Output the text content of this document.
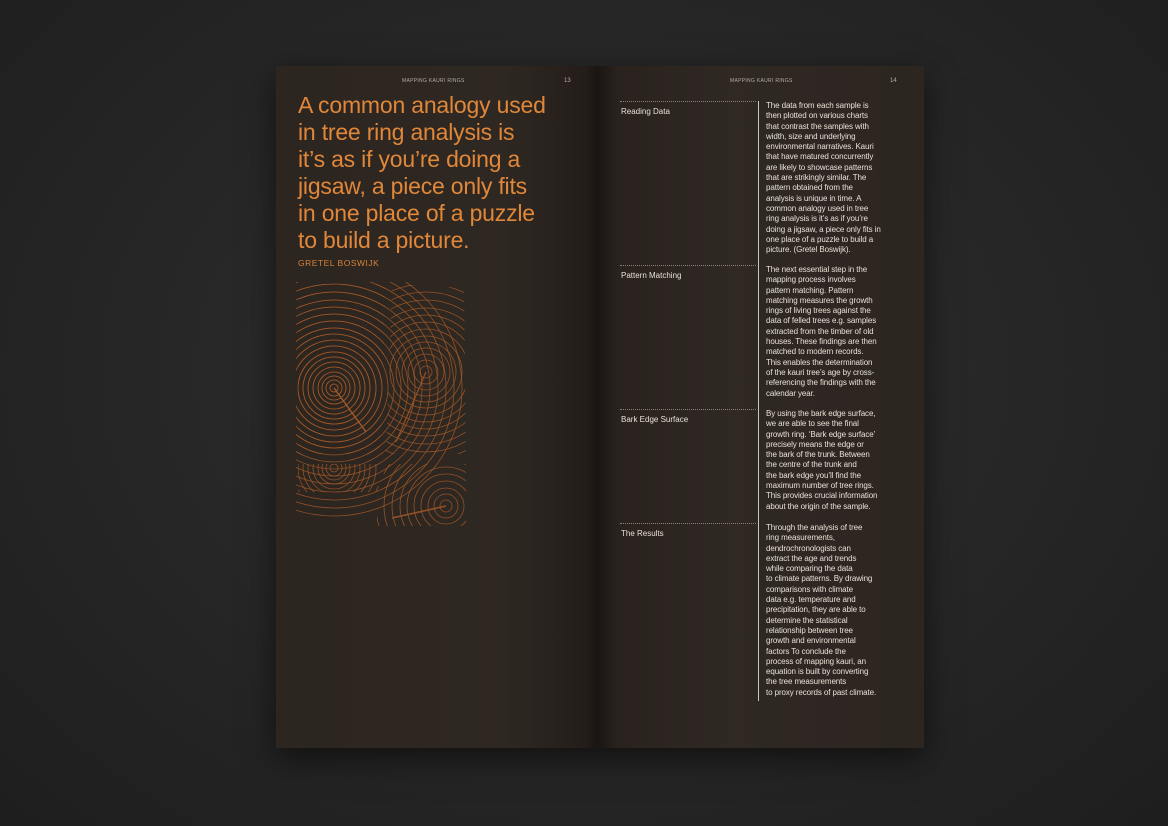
MAPPING KAURI RINGS	13
A common analogy used
in tree ring analysis is
it’s as if you’re doing a
jigsaw, a piece only fits
in one place of a puzzle
to build a picture.
GRETEL BOSWIJK
MAPPING KAURI RINGS	14
Reading Data

The data from each sample is
then plotted on various charts
that contrast the samples with
width, size and underlying
environmental narratives. Kauri
that have matured concurrently
are likely to showcase patterns
that are strikingly similar. The
pattern obtained from the
analysis is unique in time. A
common analogy used in tree
ring analysis is it’s as if you’re
doing a jigsaw, a piece only fits in
one place of a puzzle to build a
picture. (Gretel Boswijk).

Pattern Matching

The next essential step in the
mapping process involves
pattern matching. Pattern
matching measures the growth
rings of living trees against the
data of felled trees e.g. samples
extracted from the timber of old
houses. These findings are then
matched to modern records.
This enables the determination
of the kauri tree’s age by cross-
referencing the findings with the
calendar year.

Bark Edge Surface

By using the bark edge surface,
we are able to see the final
growth ring. ‘Bark edge surface’
precisely means the edge or
the bark of the trunk. Between
the centre of the trunk and
the bark edge you’ll find the
maximum number of tree rings.
This provides crucial information
about the origin of the sample.

The Results

Through the analysis of tree
ring measurements,
dendrochronologists can
extract the age and trends
while comparing the data
to climate patterns. By drawing
comparisons with climate
data e.g. temperature and
precipitation, they are able to
determine the statistical
relationship between tree
growth and environmental
factors To conclude the
process of mapping kauri, an
equation is built by converting
the tree measurements
to proxy records of past climate.
